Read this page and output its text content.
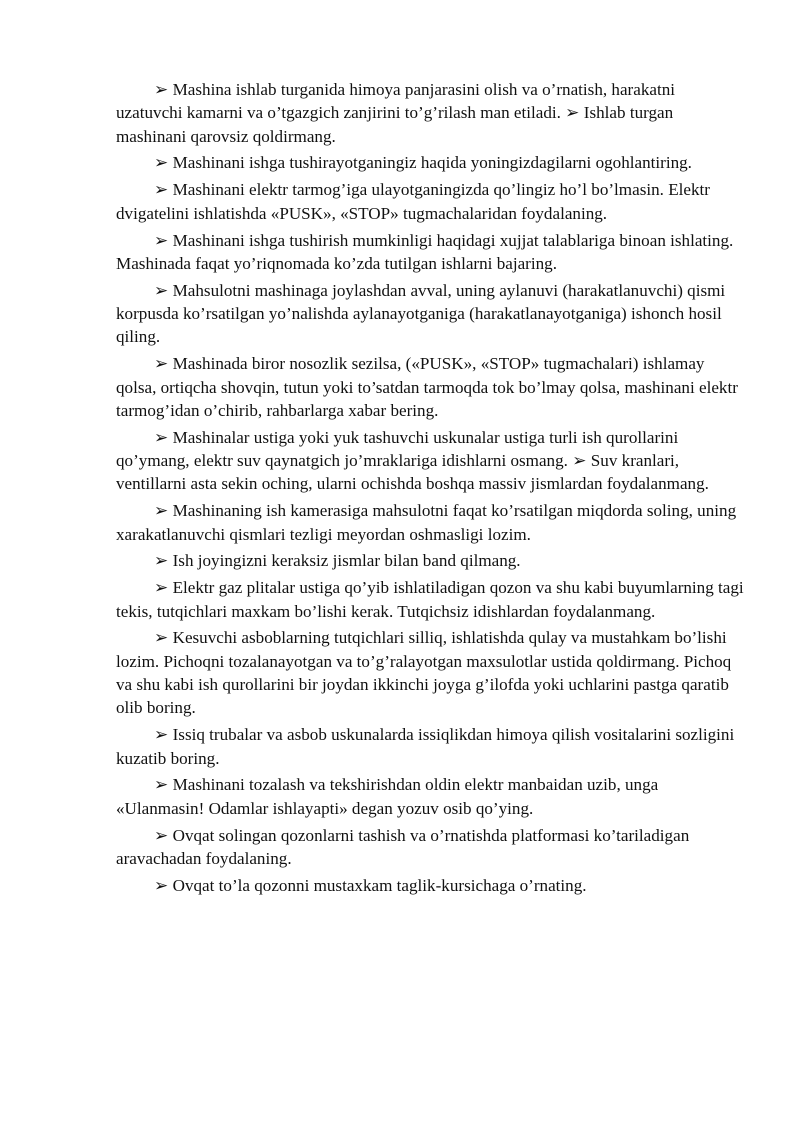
➢ Mashina ishlab turganida himoya panjarasini olish va o’rnatish, harakatni uzatuvchi kamarni va o’tgazgich zanjirini to’g’rilash man etiladi. ➢ Ishlab turgan mashinani qarovsiz qoldirmang.

➢ Mashinani ishga tushirayotganingiz haqida yoningizdagilarni ogohlantiring.

➢ Mashinani elektr tarmog’iga ulayotganingizda qo’lingiz ho’l bo’lmasin. Elektr dvigatelini ishlatishda «PUSK», «STOP» tugmachalaridan foydalaning.

➢ Mashinani ishga tushirish mumkinligi haqidagi xujjat talablariga binoan ishlating. Mashinada faqat yo’riqnomada ko’zda tutilgan ishlarni bajaring.

➢ Mahsulotni mashinaga joylashdan avval, uning aylanuvi (harakatlanuvchi) qismi korpusda ko’rsatilgan yo’nalishda aylanayotganiga (harakatlanayotganiga) ishonch hosil qiling.

➢ Mashinada biror nosozlik sezilsa, («PUSK», «STOP» tugmachalari) ishlamay qolsa, ortiqcha shovqin, tutun yoki to’satdan tarmoqda tok bo’lmay qolsa, mashinani elektr tarmog’idan o’chirib, rahbarlarga xabar bering.

➢ Mashinalar ustiga yoki yuk tashuvchi uskunalar ustiga turli ish qurollarini qo’ymang, elektr suv qaynatgich jo’mraklariga idishlarni osmang. ➢ Suv kranlari, ventillarni asta sekin oching, ularni ochishda boshqa massiv jismlardan foydalanmang.

➢ Mashinaning ish kamerasiga mahsulotni faqat ko’rsatilgan miqdorda soling, uning xarakatlanuvchi qismlari tezligi meyordan oshmasligi lozim.

➢ Ish joyingizni keraksiz jismlar bilan band qilmang.

➢ Elektr gaz plitalar ustiga qo’yib ishlatiladigan qozon va shu kabi buyumlarning tagi tekis, tutqichlari maxkam bo’lishi kerak. Tutqichsiz idishlardan foydalanmang.

➢ Kesuvchi asboblarning tutqichlari silliq, ishlatishda qulay va mustahkam bo’lishi lozim. Pichoqni tozalanayotgan va to’g’ralayotgan maxsulotlar ustida qoldirmang. Pichoq va shu kabi ish qurollarini bir joydan ikkinchi joyga g’ilofda yoki uchlarini pastga qaratib olib boring.

➢ Issiq trubalar va asbob uskunalarda issiqlikdan himoya qilish vositalarini sozligini kuzatib boring.

➢ Mashinani tozalash va tekshirishdan oldin elektr manbaidan uzib, unga «Ulanmasin! Odamlar ishlayapti» degan yozuv osib qo’ying.

➢ Ovqat solingan qozonlarni tashish va o’rnatishda platformasi ko’tariladigan aravachadan foydalaning.

➢ Ovqat to’la qozonni mustaxkam taglik-kursichaga o’rnating.
